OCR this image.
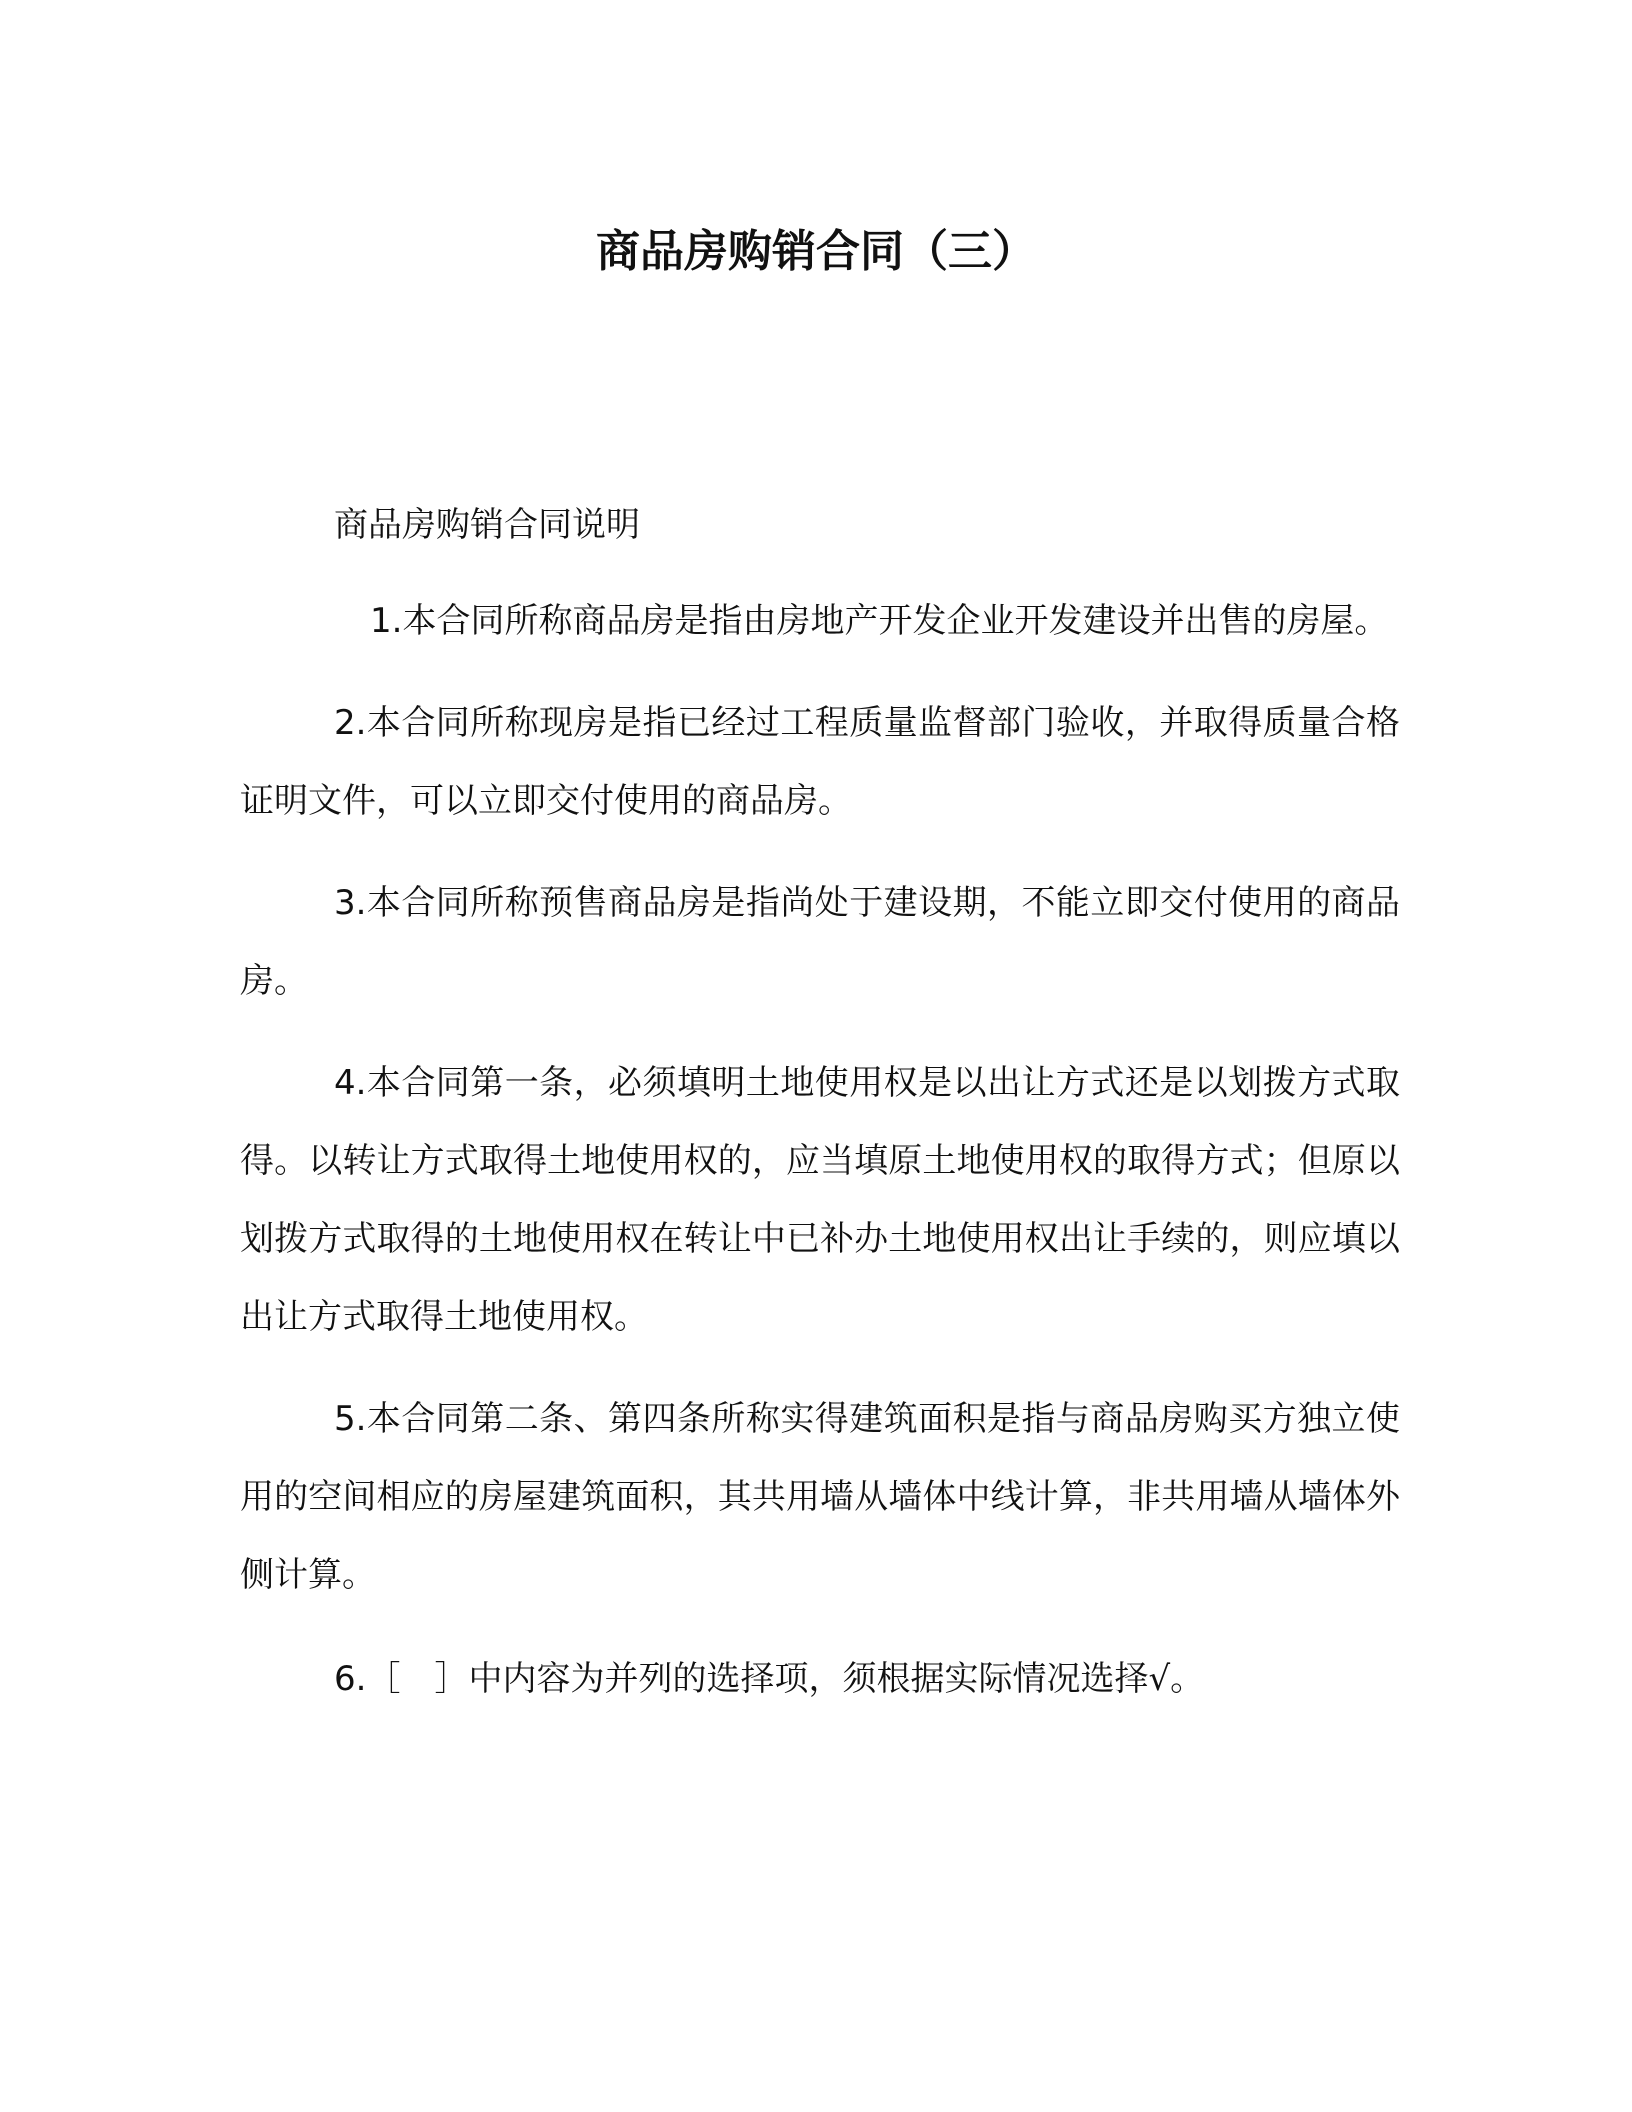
商品房购销合同（三）

商品房购销合同说明

1.本合同所称商品房是指由房地产开发企业开发建设并出售的房屋。

2.本合同所称现房是指已经过工程质量监督部门验收，并取得质量合格证明文件，可以立即交付使用的商品房。

3.本合同所称预售商品房是指尚处于建设期，不能立即交付使用的商品房。

4.本合同第一条，必须填明土地使用权是以出让方式还是以划拨方式取得。以转让方式取得土地使用权的，应当填原土地使用权的取得方式；但原以划拨方式取得的土地使用权在转让中已补办土地使用权出让手续的，则应填以出让方式取得土地使用权。

5.本合同第二条、第四条所称实得建筑面积是指与商品房购买方独立使用的空间相应的房屋建筑面积，其共用墙从墙体中线计算，非共用墙从墙体外侧计算。

6.［　］中内容为并列的选择项，须根据实际情况选择√。
